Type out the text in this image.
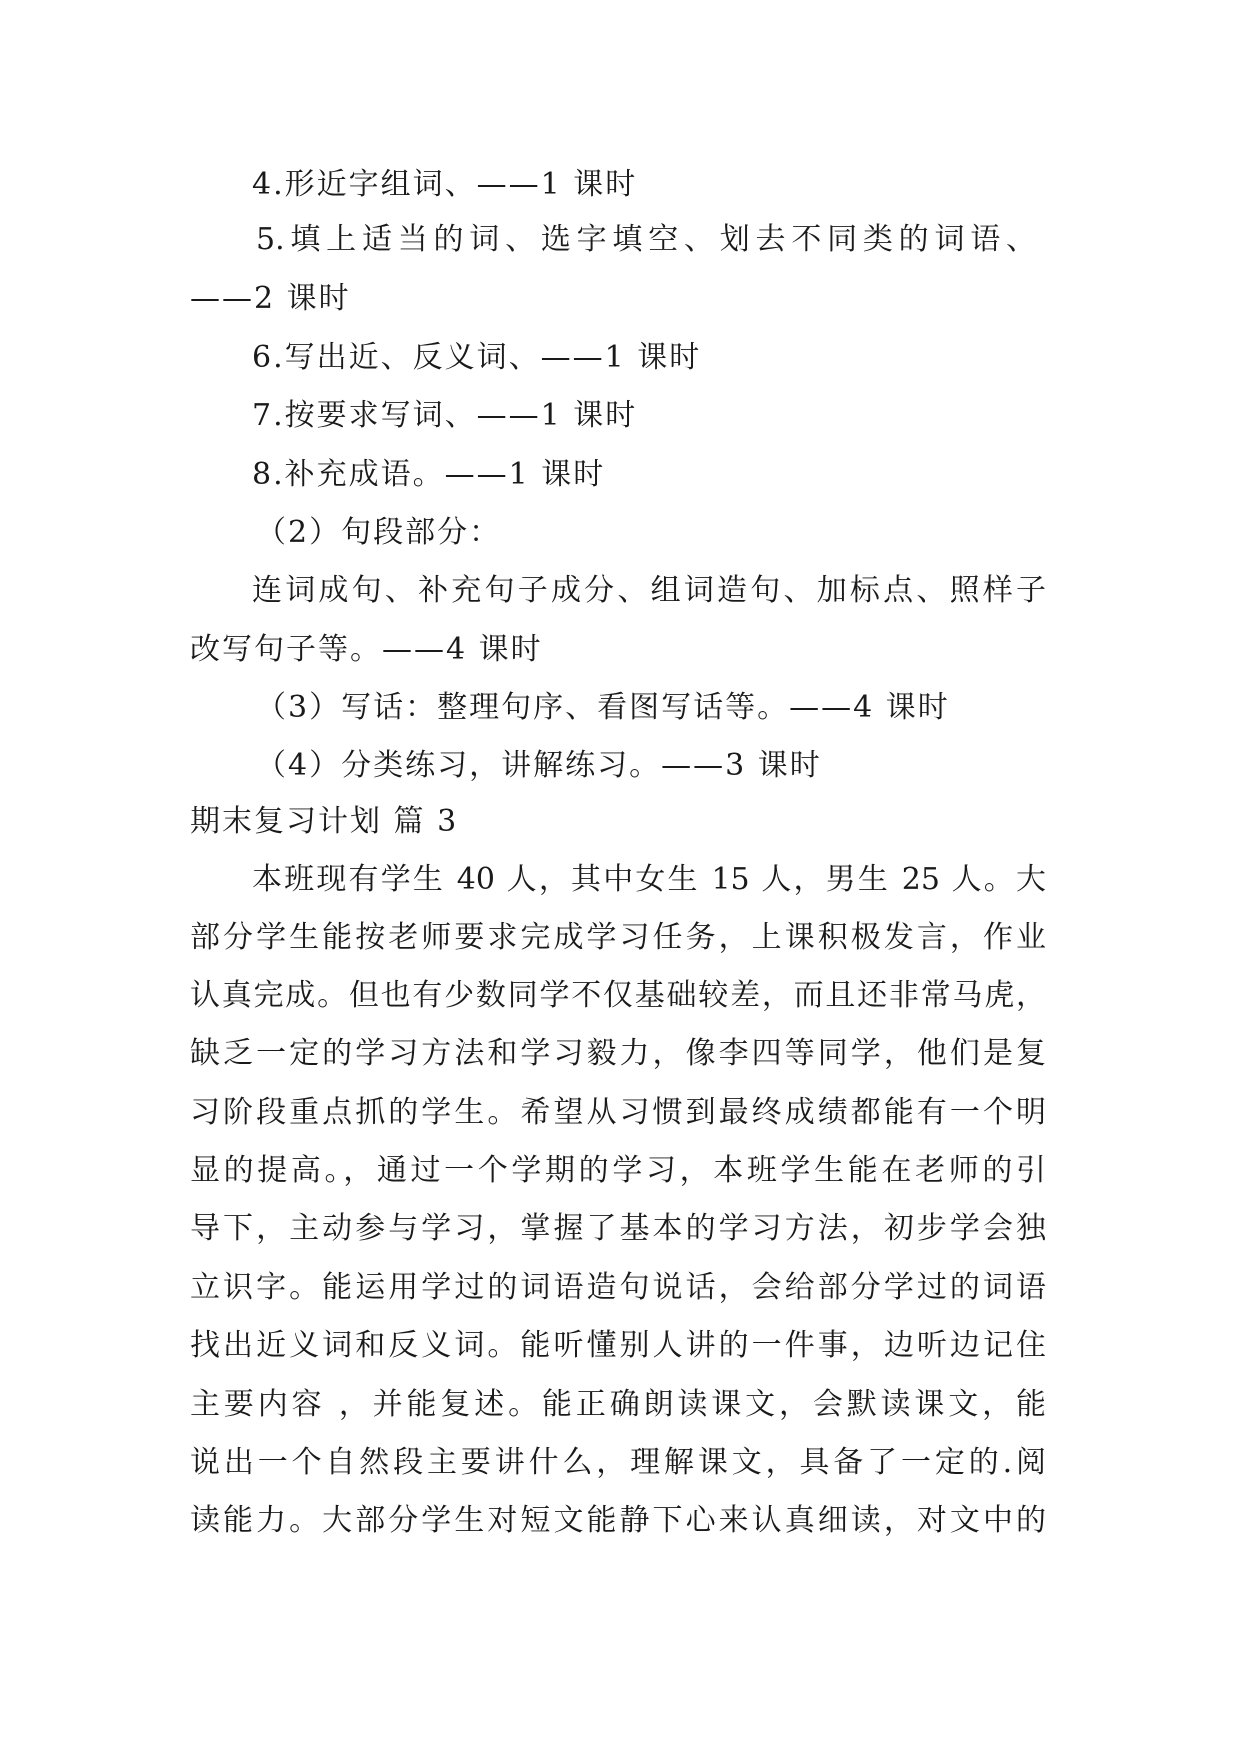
4.形近字组词、——1 课时
5.填上适当的词、选字填空、划去不同类的词语、
——2 课时
6.写出近、反义词、——1 课时
7.按要求写词、——1 课时
8.补充成语。——1 课时
（2）句段部分：
连词成句、补充句子成分、组词造句、加标点、照样子
改写句子等。——4 课时
（3）写话：整理句序、看图写话等。——4 课时
（4）分类练习，讲解练习。——3 课时
期末复习计划 篇 3
本班现有学生 40 人，其中女生 15 人，男生 25 人。大
部分学生能按老师要求完成学习任务，上课积极发言，作业
认真完成。但也有少数同学不仅基础较差，而且还非常马虎，
缺乏一定的学习方法和学习毅力，像李四等同学，他们是复
习阶段重点抓的学生。希望从习惯到最终成绩都能有一个明
显的提高。，通过一个学期的学习，本班学生能在老师的引
导下，主动参与学习，掌握了基本的学习方法，初步学会独
立识字。能运用学过的词语造句说话，会给部分学过的词语
找出近义词和反义词。能听懂别人讲的一件事，边听边记住
主要内容 ，并能复述。能正确朗读课文，会默读课文，能
说出一个自然段主要讲什么，理解课文，具备了一定的.阅
读能力。大部分学生对短文能静下心来认真细读，对文中的
